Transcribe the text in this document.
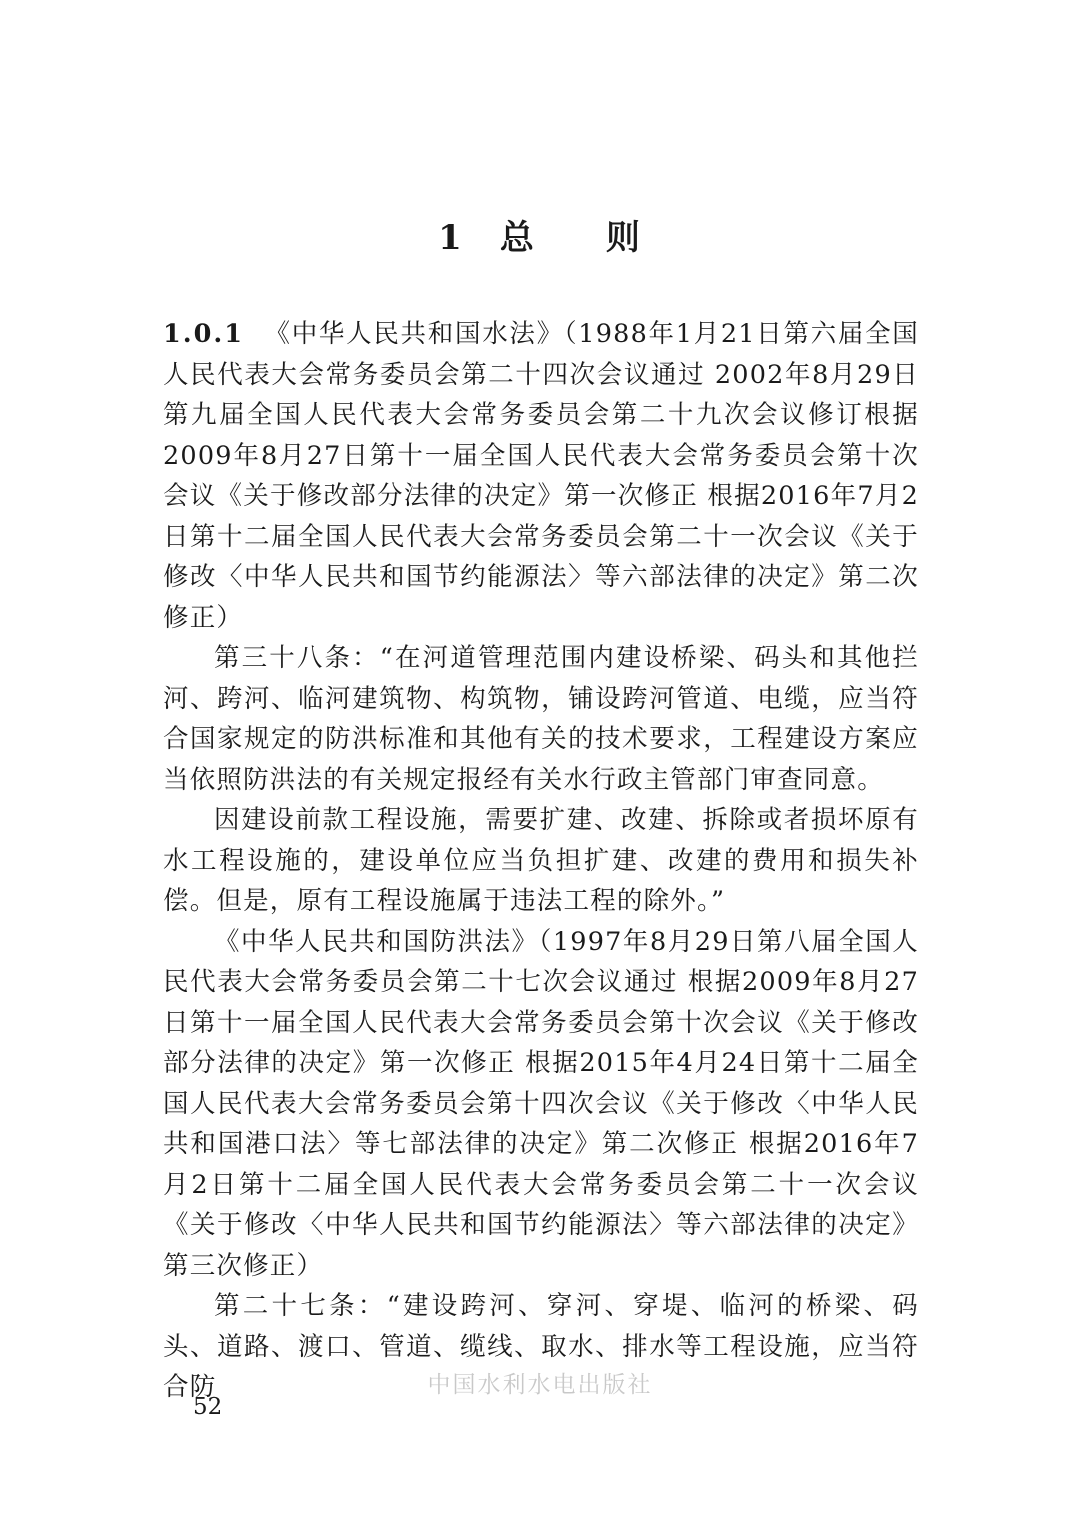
1 总 则

1.0.1 《中华人民共和国水法》（1988年1月21日第六届全国人民代表大会常务委员会第二十四次会议通过 2002年8月29日第九届全国人民代表大会常务委员会第二十九次会议修订根据2009年8月27日第十一届全国人民代表大会常务委员会第十次会议《关于修改部分法律的决定》第一次修正 根据2016年7月2日第十二届全国人民代表大会常务委员会第二十一次会议《关于修改〈中华人民共和国节约能源法〉等六部法律的决定》第二次修正）

第三十八条：“在河道管理范围内建设桥梁、码头和其他拦河、跨河、临河建筑物、构筑物，铺设跨河管道、电缆，应当符合国家规定的防洪标准和其他有关的技术要求，工程建设方案应当依照防洪法的有关规定报经有关水行政主管部门审查同意。

因建设前款工程设施，需要扩建、改建、拆除或者损坏原有水工程设施的，建设单位应当负担扩建、改建的费用和损失补偿。但是，原有工程设施属于违法工程的除外。”

《中华人民共和国防洪法》（1997年8月29日第八届全国人民代表大会常务委员会第二十七次会议通过 根据2009年8月27日第十一届全国人民代表大会常务委员会第十次会议《关于修改部分法律的决定》第一次修正 根据2015年4月24日第十二届全国人民代表大会常务委员会第十四次会议《关于修改〈中华人民共和国港口法〉等七部法律的决定》第二次修正 根据2016年7月2日第十二届全国人民代表大会常务委员会第二十一次会议《关于修改〈中华人民共和国节约能源法〉等六部法律的决定》第三次修正）

第二十七条：“建设跨河、穿河、穿堤、临河的桥梁、码头、道路、渡口、管道、缆线、取水、排水等工程设施，应当符合防	中国水利水电出版社
52
